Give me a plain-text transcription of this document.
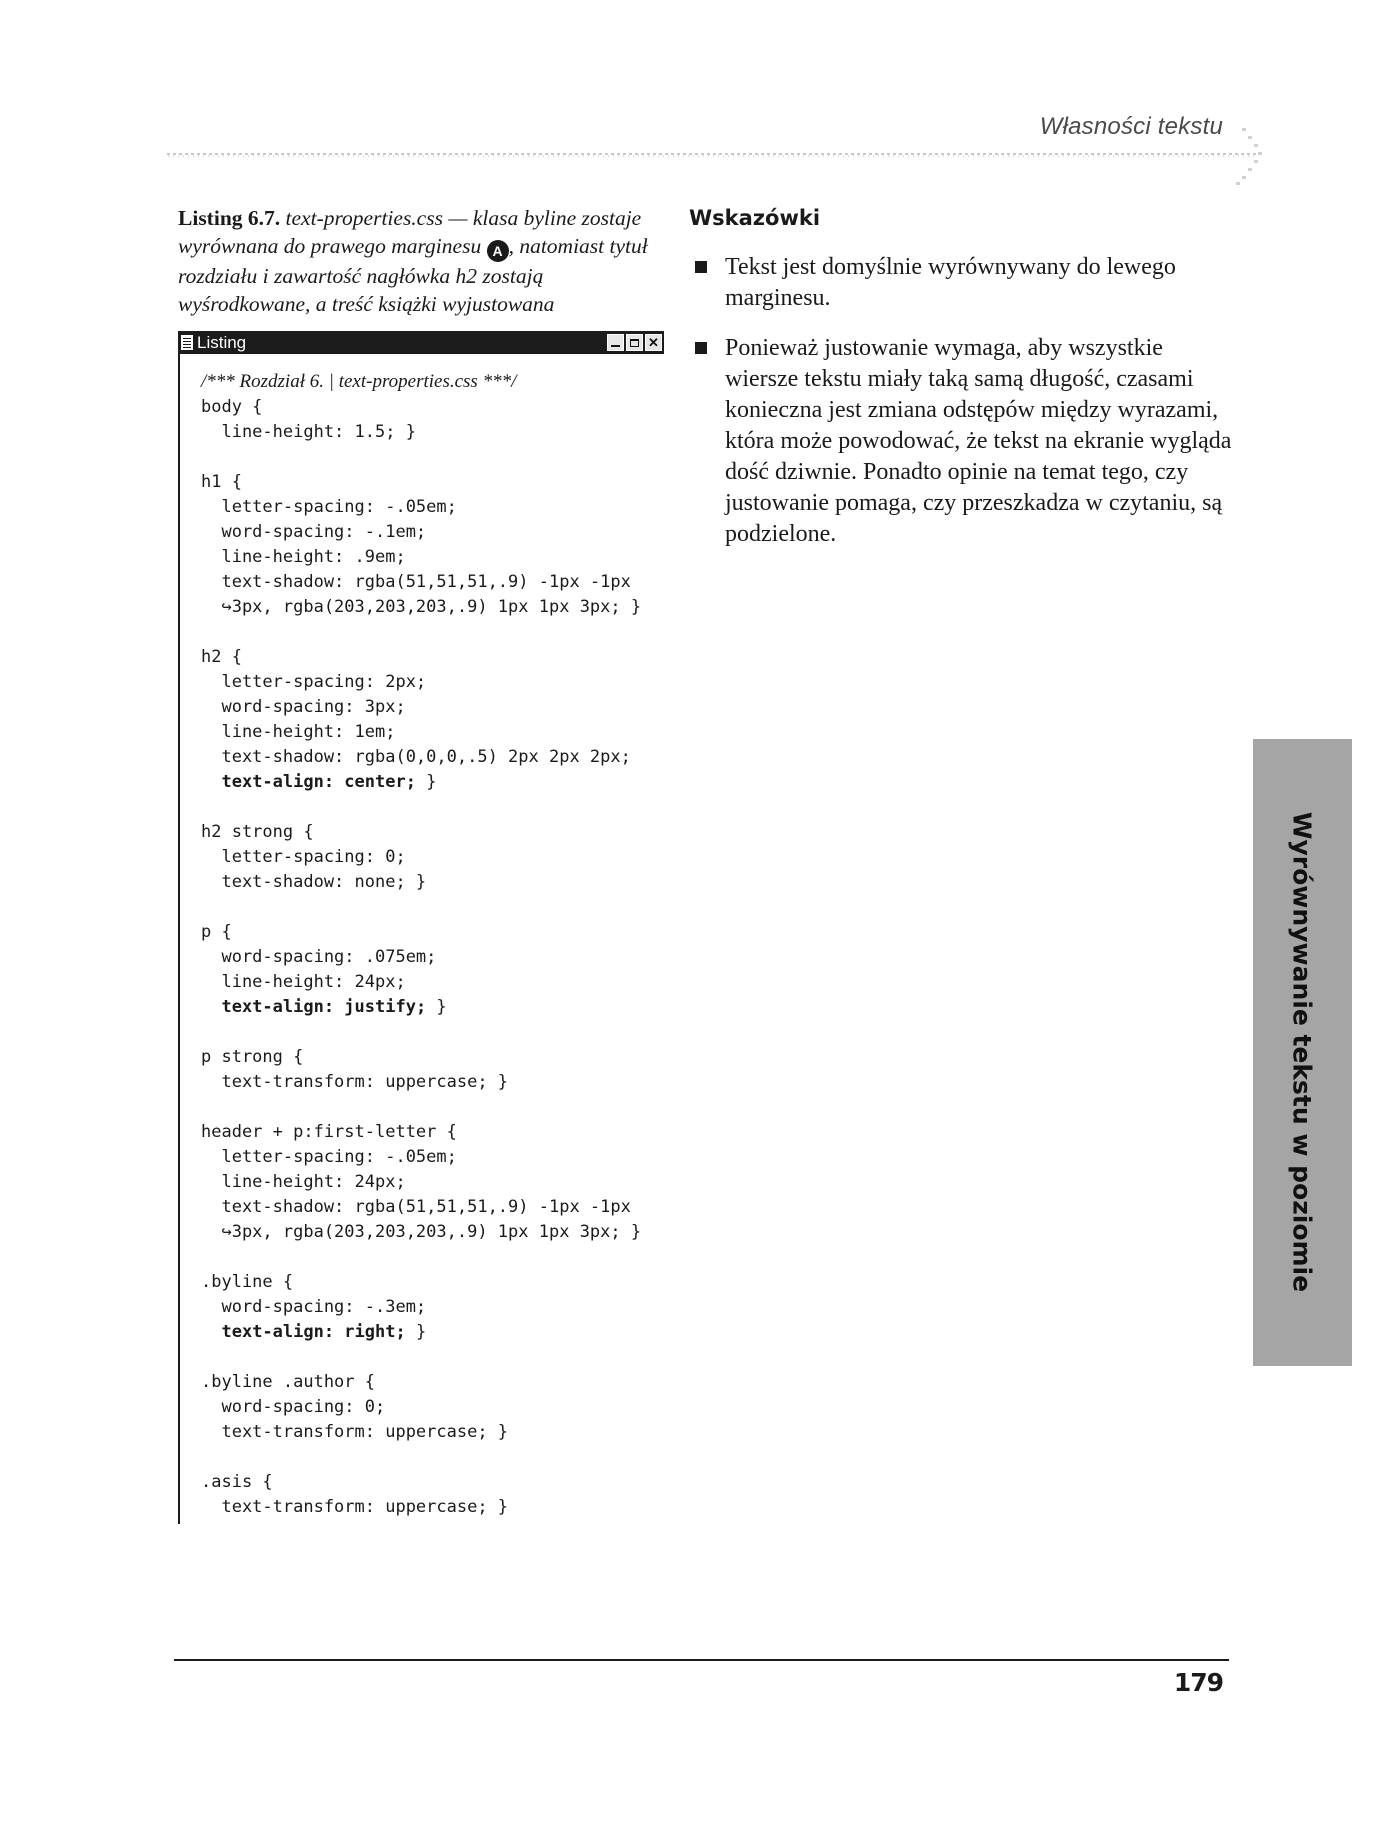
Własności tekstu
Listing 6.7. text-properties.css — klasa byline zostaje wyrównana do prawego marginesu A , natomiast tytuł rozdziału i zawartość nagłówka h2 zostają wyśrodkowane, a treść książki wyjustowana
Listing	✕
/*** Rozdział 6. | text-properties.css ***/
body {
line-height: 1.5; }

h1 {
letter-spacing: -.05em;
word-spacing: -.1em;
line-height: .9em;
text-shadow: rgba(51,51,51,.9) -1px -1px
↪3px, rgba(203,203,203,.9) 1px 1px 3px; }

h2 {
letter-spacing: 2px;
word-spacing: 3px;
line-height: 1em;
text-shadow: rgba(0,0,0,.5) 2px 2px 2px;
text-align: center; }

h2 strong {
letter-spacing: 0;
text-shadow: none; }

p {
word-spacing: .075em;
line-height: 24px;
text-align: justify; }

p strong {
text-transform: uppercase; }

header + p:first-letter {
letter-spacing: -.05em;
line-height: 24px;
text-shadow: rgba(51,51,51,.9) -1px -1px
↪3px, rgba(203,203,203,.9) 1px 1px 3px; }

.byline {
word-spacing: -.3em;
text-align: right; }

.byline .author {
word-spacing: 0;
text-transform: uppercase; }

.asis {
text-transform: uppercase; }
Wskazówki
Tekst jest domyślnie wyrównywany do lewego marginesu.
Ponieważ justowanie wymaga, aby wszystkie wiersze tekstu miały taką samą długość, czasami konieczna jest zmiana odstępów między wyrazami, która może powodować, że tekst na ekranie wygląda dość dziwnie. Ponadto opinie na temat tego, czy justowanie pomaga, czy przeszkadza w czytaniu, są podzielone.
Wyrównywanie tekstu w poziomie
179
